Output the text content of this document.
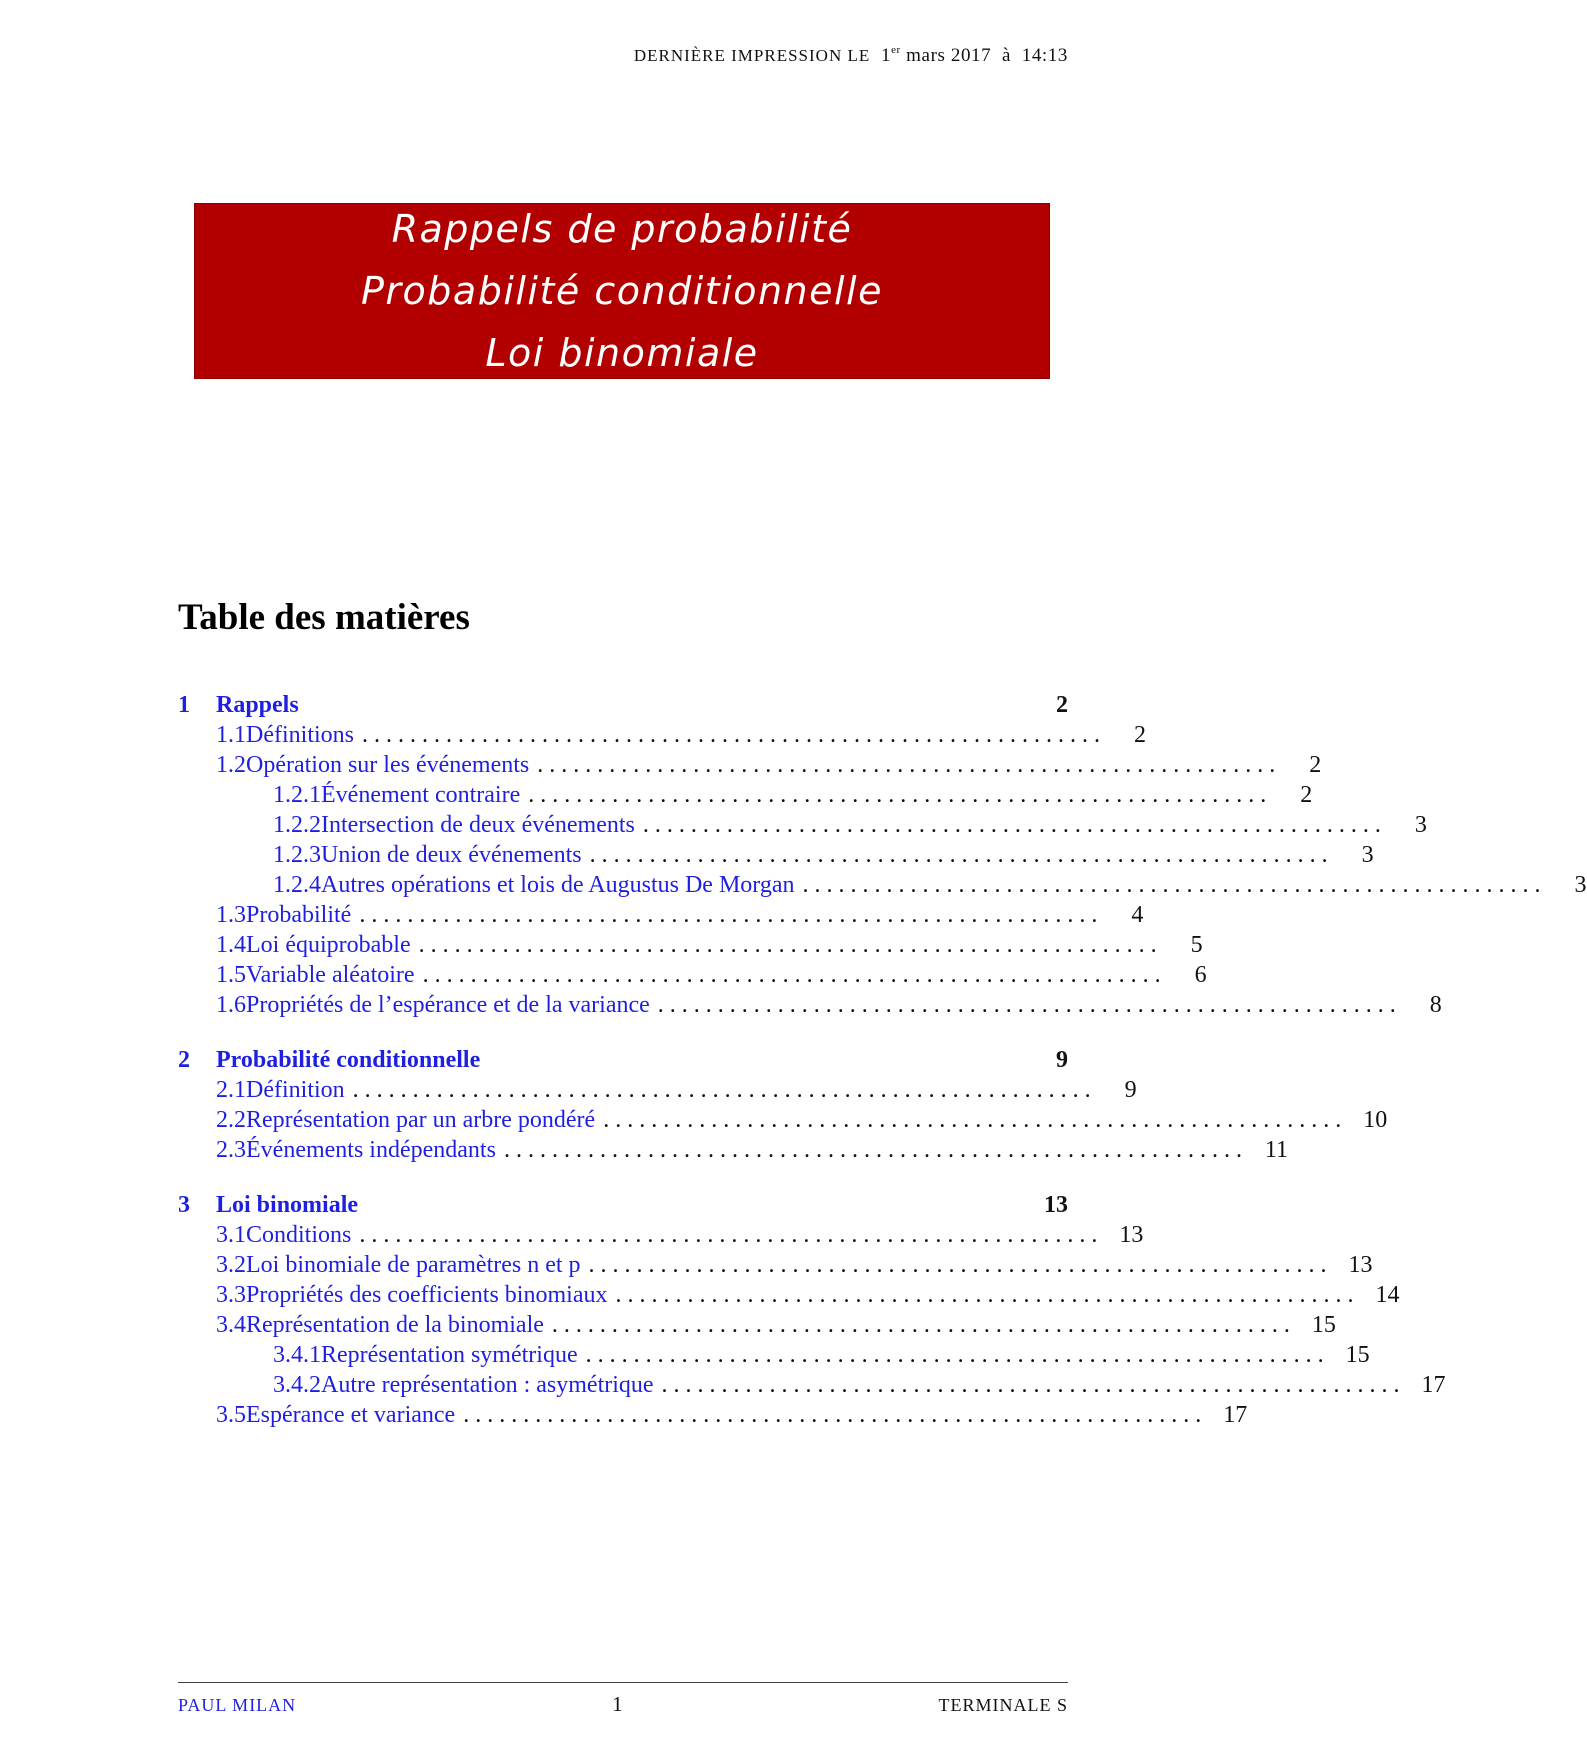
DERNIÈRE IMPRESSION LE 1er mars 2017 à 14:13
Rappels de probabilité
Probabilité conditionnelle
Loi binomiale
Table des matières
1	Rappels	2
1.1 Définitions . . . . . . . . . . . . . . . . . . . . . . . . . . . . . . . . . . . . . . . . . . . . . . . . . . . . . . . . . . . . . .	2
1.2 Opération sur les événements . . . . . . . . . . . . . . . . . . . . . . . . . . . . . . . . . . . . . . . . . . . . . . . . . . . . . . . . . . . . . .	2
1.2.1 Événement contraire . . . . . . . . . . . . . . . . . . . . . . . . . . . . . . . . . . . . . . . . . . . . . . . . . . . . . . . . . . . . . .	2
1.2.2 Intersection de deux événements . . . . . . . . . . . . . . . . . . . . . . . . . . . . . . . . . . . . . . . . . . . . . . . . . . . . . . . . . . . . . .	3
1.2.3 Union de deux événements . . . . . . . . . . . . . . . . . . . . . . . . . . . . . . . . . . . . . . . . . . . . . . . . . . . . . . . . . . . . . .	3
1.2.4 Autres opérations et lois de Augustus De Morgan . . . . . . . . . . . . . . . . . . . . . . . . . . . . . . . . . . . . . . . . . . . . . . . . . . . . . . . . . . . . . .	3
1.3 Probabilité . . . . . . . . . . . . . . . . . . . . . . . . . . . . . . . . . . . . . . . . . . . . . . . . . . . . . . . . . . . . . .	4
1.4 Loi équiprobable . . . . . . . . . . . . . . . . . . . . . . . . . . . . . . . . . . . . . . . . . . . . . . . . . . . . . . . . . . . . . .	5
1.5 Variable aléatoire . . . . . . . . . . . . . . . . . . . . . . . . . . . . . . . . . . . . . . . . . . . . . . . . . . . . . . . . . . . . . .	6
1.6 Propriétés de l’espérance et de la variance . . . . . . . . . . . . . . . . . . . . . . . . . . . . . . . . . . . . . . . . . . . . . . . . . . . . . . . . . . . . . .	8
2	Probabilité conditionnelle	9
2.1 Définition . . . . . . . . . . . . . . . . . . . . . . . . . . . . . . . . . . . . . . . . . . . . . . . . . . . . . . . . . . . . . .	9
2.2 Représentation par un arbre pondéré . . . . . . . . . . . . . . . . . . . . . . . . . . . . . . . . . . . . . . . . . . . . . . . . . . . . . . . . . . . . . . 10
2.3 Événements indépendants . . . . . . . . . . . . . . . . . . . . . . . . . . . . . . . . . . . . . . . . . . . . . . . . . . . . . . . . . . . . . . 11
3	Loi binomiale	13
3.1 Conditions . . . . . . . . . . . . . . . . . . . . . . . . . . . . . . . . . . . . . . . . . . . . . . . . . . . . . . . . . . . . . . 13
3.2 Loi binomiale de paramètres n et p . . . . . . . . . . . . . . . . . . . . . . . . . . . . . . . . . . . . . . . . . . . . . . . . . . . . . . . . . . . . . . 13
3.3 Propriétés des coefficients binomiaux . . . . . . . . . . . . . . . . . . . . . . . . . . . . . . . . . . . . . . . . . . . . . . . . . . . . . . . . . . . . . . 14
3.4 Représentation de la binomiale . . . . . . . . . . . . . . . . . . . . . . . . . . . . . . . . . . . . . . . . . . . . . . . . . . . . . . . . . . . . . . 15
3.4.1 Représentation symétrique . . . . . . . . . . . . . . . . . . . . . . . . . . . . . . . . . . . . . . . . . . . . . . . . . . . . . . . . . . . . . . 15
3.4.2 Autre représentation : asymétrique . . . . . . . . . . . . . . . . . . . . . . . . . . . . . . . . . . . . . . . . . . . . . . . . . . . . . . . . . . . . . . 17
3.5 Espérance et variance . . . . . . . . . . . . . . . . . . . . . . . . . . . . . . . . . . . . . . . . . . . . . . . . . . . . . . . . . . . . . . 17
PAUL MILAN	1	TERMINALE S
